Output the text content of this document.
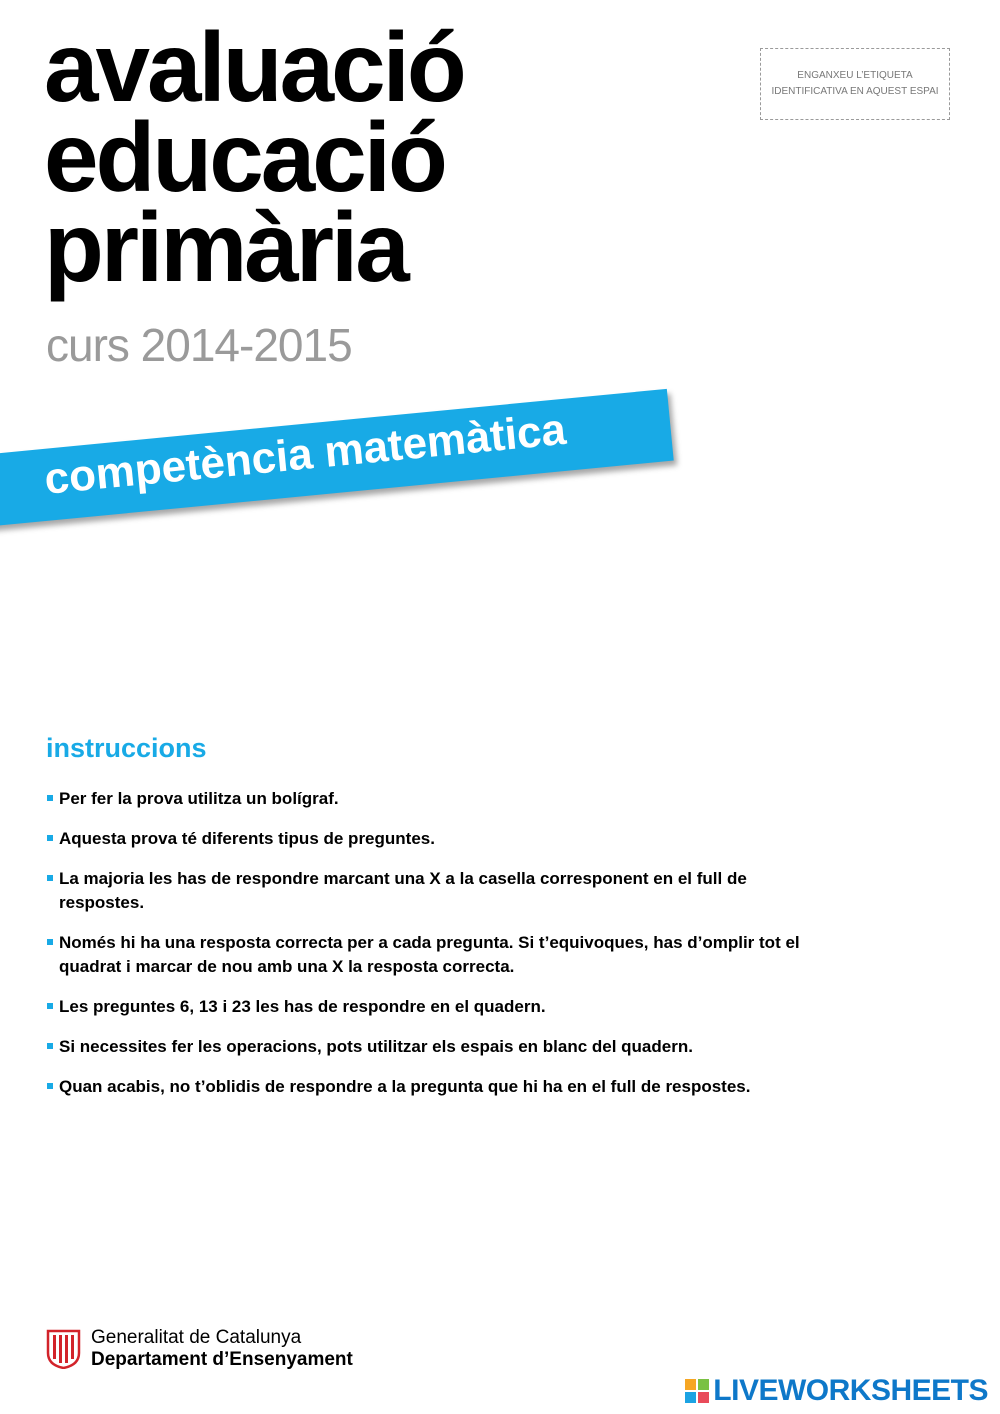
avaluació
educació
primària
curs 2014-2015
ENGANXEU L’ETIQUETA
IDENTIFICATIVA EN AQUEST ESPAI
competència matemàtica
instruccions
Per fer la prova utilitza un bolígraf.
Aquesta prova té diferents tipus de preguntes.
La majoria les has de respondre marcant una X a la casella corresponent en el full de respostes.
Només hi ha una resposta correcta per a cada pregunta. Si t’equivoques, has d’omplir tot el quadrat i marcar de nou amb una X la resposta correcta.
Les preguntes 6, 13 i 23 les has de respondre en el quadern.
Si necessites fer les operacions, pots utilitzar els espais en blanc del quadern.
Quan acabis, no t’oblidis de respondre a la pregunta que hi ha en el full de respostes.
Generalitat de Catalunya
Departament d’Ensenyament
LIVEWORKSHEETS
